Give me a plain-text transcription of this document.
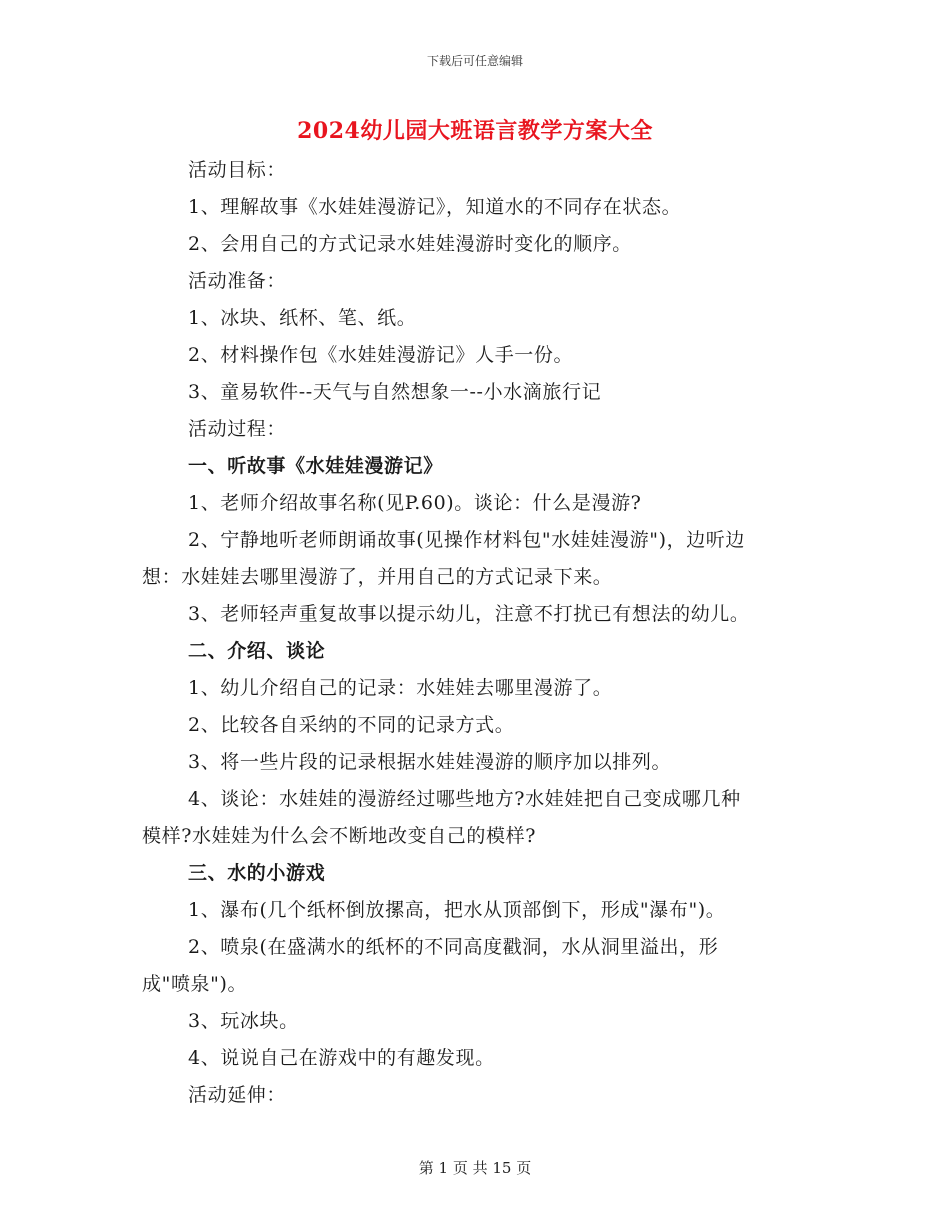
下载后可任意编辑
2024幼儿园大班语言教学方案大全
活动目标：
1、理解故事《水娃娃漫游记》，知道水的不同存在状态。
2、会用自己的方式记录水娃娃漫游时变化的顺序。
活动准备：
1、冰块、纸杯、笔、纸。
2、材料操作包《水娃娃漫游记》人手一份。
3、童易软件--天气与自然想象一--小水滴旅行记
活动过程：
一、听故事《水娃娃漫游记》
1、老师介绍故事名称(见P.60)。谈论：什么是漫游?
2、宁静地听老师朗诵故事(见操作材料包"水娃娃漫游")，边听边
想：水娃娃去哪里漫游了，并用自己的方式记录下来。
3、老师轻声重复故事以提示幼儿，注意不打扰已有想法的幼儿。
二、介绍、谈论
1、幼儿介绍自己的记录：水娃娃去哪里漫游了。
2、比较各自采纳的不同的记录方式。
3、将一些片段的记录根据水娃娃漫游的顺序加以排列。
4、谈论：水娃娃的漫游经过哪些地方?水娃娃把自己变成哪几种
模样?水娃娃为什么会不断地改变自己的模样?
三、水的小游戏
1、瀑布(几个纸杯倒放摞高，把水从顶部倒下，形成"瀑布")。
2、喷泉(在盛满水的纸杯的不同高度戳洞，水从洞里溢出，形
成"喷泉")。
3、玩冰块。
4、说说自己在游戏中的有趣发现。
活动延伸：
第 1 页 共 15 页
